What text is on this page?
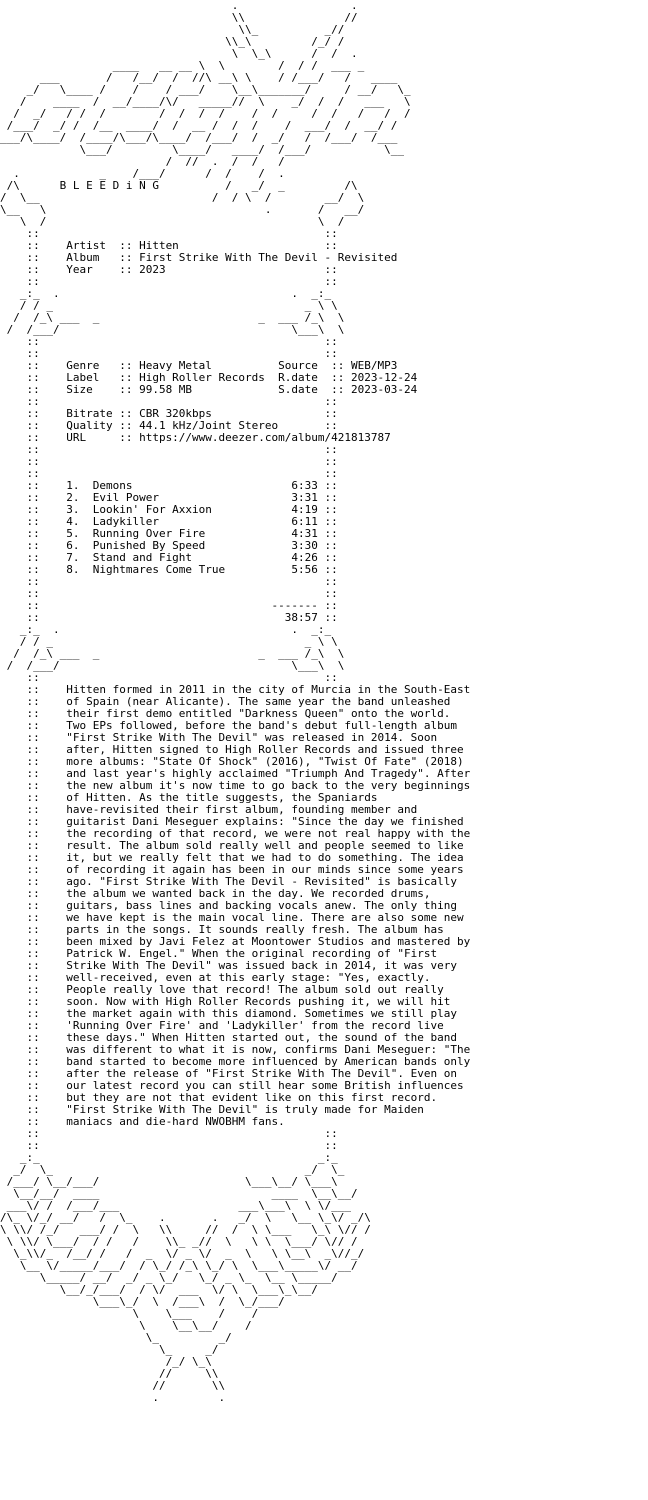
.                 .
\\               //
\\_          _//
\\_\         /_/ /
\  \_\      /  /  .
____   __ __ \  \        /  / /  ___ _
___       /   /__/  /  //\ __\ \    / /___/   /   ____
_/   \____ /    /    / ___/    \__\_______/     / __/   \_
/    ____  /  __/____/\/   _____//  \    _/  /  /   ___   \
/  _/   / /  /        /  /  /  /    /  /     /  /   /   /  /
/___/  _/ /  /__  ____/  /  __ /  /  /    /  ___/  /  __/ /
___/\____/  /____/\___/\____/  /___/  /  _/   /  /___/  /___
\___/         \____/   ____/  /___/           \__
/  //  .  /  /   /
.            _    /___/      /  /    /  .
/\      B L E E D i N G          /   _/  _         /\
/  \__                          /  / \  /        __/  \
\__   \                                 .       /   __/
\  /                                         \  /
::                                           ::
::    Artist  :: Hitten                      ::
::    Album   :: First Strike With The Devil - Revisited
::    Year    :: 2023                        ::
::                                           ::
_:_  .                                   .  _:_
/ / _                                      _ \ \
/  /_\ ___  _                        _  ___ /_\  \
/  /___/                                   \___\  \
::                                           ::
::                                           ::
::    Genre   :: Heavy Metal          Source  :: WEB/MP3
::    Label   :: High Roller Records  R.date  :: 2023-12-24
::    Size    :: 99.58 MB             S.date  :: 2023-03-24
::                                           ::
::    Bitrate :: CBR 320kbps                 ::
::    Quality :: 44.1 kHz/Joint Stereo       ::
::    URL     :: https://www.deezer.com/album/421813787
::                                           ::
::                                           ::
::                                           ::
::    1.  Demons                        6:33 ::
::    2.  Evil Power                    3:31 ::
::    3.  Lookin' For Axxion            4:19 ::
::    4.  Ladykiller                    6:11 ::
::    5.  Running Over Fire             4:31 ::
::    6.  Punished By Speed             3:30 ::
::    7.  Stand and Fight               4:26 ::
::    8.  Nightmares Come True          5:56 ::
::                                           ::
::                                           ::
::                                   ------- ::
::                                     38:57 ::
_:_  .                                   .  _:_
/ / _                                      _ \ \
/  /_\ ___  _                        _  ___ /_\  \
/  /___/                                   \___\  \
::                                           ::
::    Hitten formed in 2011 in the city of Murcia in the South-East
::    of Spain (near Alicante). The same year the band unleashed
::    their first demo entitled "Darkness Queen" onto the world.
::    Two EPs followed, before the band's debut full-length album
::    "First Strike With The Devil" was released in 2014. Soon
::    after, Hitten signed to High Roller Records and issued three
::    more albums: "State Of Shock" (2016), "Twist Of Fate" (2018)
::    and last year's highly acclaimed "Triumph And Tragedy". After
::    the new album it's now time to go back to the very beginnings
::    of Hitten. As the title suggests, the Spaniards
::    have-revisited their first album, founding member and
::    guitarist Dani Meseguer explains: "Since the day we finished
::    the recording of that record, we were not real happy with the
::    result. The album sold really well and people seemed to like
::    it, but we really felt that we had to do something. The idea
::    of recording it again has been in our minds since some years
::    ago. "First Strike With The Devil - Revisited" is basically
::    the album we wanted back in the day. We recorded drums,
::    guitars, bass lines and backing vocals anew. The only thing
::    we have kept is the main vocal line. There are also some new
::    parts in the songs. It sounds really fresh. The album has
::    been mixed by Javi Felez at Moontower Studios and mastered by
::    Patrick W. Engel." When the original recording of "First
::    Strike With The Devil" was issued back in 2014, it was very
::    well-received, even at this early stage: "Yes, exactly.
::    People really love that record! The album sold out really
::    soon. Now with High Roller Records pushing it, we will hit
::    the market again with this diamond. Sometimes we still play
::    'Running Over Fire' and 'Ladykiller' from the record live
::    these days." When Hitten started out, the sound of the band
::    was different to what it is now, confirms Dani Meseguer: "The
::    band started to become more influenced by American bands only
::    after the release of "First Strike With The Devil". Even on
::    our latest record you can still hear some British influences
::    but they are not that evident like on this first record.
::    "First Strike With The Devil" is truly made for Maiden
::    maniacs and die-hard NWOBHM fans.
::                                           ::
::                                           ::
_:_                                          _:_
_/  \_                                      _/  \_
/___/ \__/___/                      \___\__/ \___\
\__/__/  ____                          ____  \__\__/
___\/ /  /___/___                  ___\___\  \ \/___
/\_ \/_/ __/   /  \_    .       .   _/  \   \__ \_\/ _/\
\ \\/ /_/   ___/ /  \   \\     //  /  \ \___   \_\ \// /
\ \\/ \___/  / /   /    \\_ _//  \   \ \  \___/ \// /
\_\\/_  /__/ /   /  _  \/ _ \/  _  \   \ \__\  _\//_/
\__ \/_____/___/  / \_/ /_\ \_/ \  \___\_____\/ __/
\_____/ __/  _/ _ \_/   \_/ _ \_  \__ \_____/
\__/_/___/  / \/  ___  \/ \  \___\_\__/
\___\_/  \  /___\  /  \_/___/
\    \___    /    /
\    \__\__/    /
\_         _/
\_     _/
/_/ \_\
//     \\
//       \\
.         .
